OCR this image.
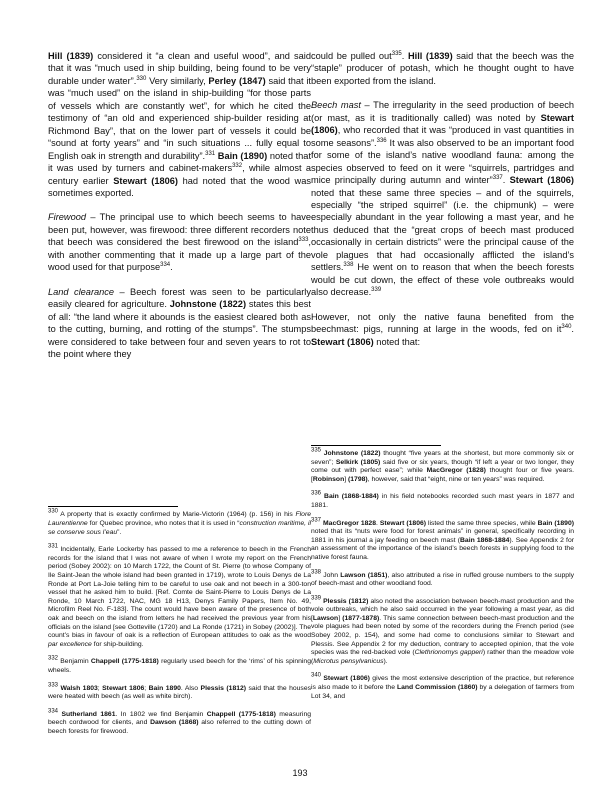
Hill (1839) considered it “a clean and useful wood”, and said that it was “much used in ship building, being found to be very durable under water”.$^{330}$ Very similarly, Perley (1847) said that it was “much used” on the island in ship-building “for those parts of vessels which are constantly wet”, for which he cited the testimony of “an old and experienced ship-builder residing at Richmond Bay”, that on the lower part of vessels it could be “sound at forty years” and “in such situations ... fully equal to English oak in strength and durability”.$^{331}$ Bain (1890) noted that it was used by turners and cabinet-makers$^{332}$, while almost a century earlier Stewart (1806) had noted that the wood was sometimes exported.

Firewood – The principal use to which beech seems to have been put, however, was firewood: three different recorders note that beech was considered the best firewood on the island$^{333}$, with another commenting that it made up a large part of the wood used for that purpose$^{334}$.

Land clearance – Beech forest was seen to be particularly easily cleared for agriculture. Johnstone (1822) states this best of all: “the land where it abounds is the easiest cleared both as to the cutting, burning, and rotting of the stumps”. The stumps were considered to take between four and seven years to rot to the point where they

$^{330}$ A property that is exactly confirmed by Marie-Victorin (1964) (p. 156) in his Flore Laurentienne for Quebec province, who notes that it is used in “construction maritime, il se conserve sous l’eau”.

$^{331}$ Incidentally, Earle Lockerby has passed to me a reference to beech in the French records for the island that I was not aware of when I wrote my report on the French period (Sobey 2002): on 10 March 1722, the Count of St. Pierre (to whose Company of Ile Saint-Jean the whole island had been granted in 1719), wrote to Louis Denys de La Ronde at Port La-Joie telling him to be careful to use oak and not beech in a 300-ton vessel that he asked him to build. [Ref. Comte de Saint-Pierre to Louis Denys de La Ronde, 10 March 1722, NAC, MG 18 H13, Denys Family Papers, Item No. 49, Microfilm Reel No. F-183]. The count would have been aware of the presence of both oak and beech on the island from letters he had received the previous year from his officials on the island [see Gotteville (1720) and La Ronde (1721) in Sobey (2002)]. The count’s bias in favour of oak is a reflection of European attitudes to oak as the wood par excellence for ship-building.

$^{332}$ Benjamin Chappell (1775-1818) regularly used beech for the ‘rims’ of his spinning wheels.

$^{333}$ Walsh 1803; Stewart 1806; Bain 1890. Also Plessis (1812) said that the houses were heated with beech (as well as white birch).

$^{334}$ Sutherland 1861. In 1802 we find Benjamin Chappell (1775-1818) measuring beech cordwood for clients, and Dawson (1868) also referred to the cutting down of beech forests for firewood.

could be pulled out$^{335}$. Hill (1839) said that the beech was the “staple” producer of potash, which he thought ought to have been exported from the island.

Beech mast – The irregularity in the seed production of beech (or mast, as it is traditionally called) was noted by Stewart (1806), who recorded that it was “produced in vast quantities in some seasons”.$^{336}$ It was also observed to be an important food for some of the island’s native woodland fauna: among the species observed to feed on it were “squirrels, partridges and mice principally during autumn and winter”$^{337}$. Stewart (1806) noted that these same three species – and of the squirrels, especially “the striped squirrel” (i.e. the chipmunk) – were especially abundant in the year following a mast year, and he thus deduced that the “great crops of beech mast produced occasionally in certain districts” were the principal cause of the vole plagues that had occasionally afflicted the island’s settlers.$^{338}$ He went on to reason that when the beech forests would be cut down, the effect of these vole outbreaks would also decrease.$^{339}$

However, not only the native fauna benefited from the beechmast: pigs, running at large in the woods, fed on $it^{340}$. Stewart (1806) noted that:

$^{335}$ Johnstone (1822) thought “five years at the shortest, but more commonly six or seven”; Selkirk (1805) said five or six years, though “if left a year or two longer, they come out with perfect ease”; while MacGregor (1828) thought four or five years. [Robinson] (1798), however, said that “eight, nine or ten years” was required.

$^{336}$ Bain (1868-1884) in his field notebooks recorded such mast years in 1877 and 1881.

$^{337}$ MacGregor 1828. Stewart (1806) listed the same three species, while Bain (1890) noted that its “nuts were food for forest animals” in general, specifically recording in 1881 in his journal a jay feeding on beech mast (Bain 1868-1884). See Appendix 2 for an assessment of the importance of the island’s beech forests in supplying food to the native forest fauna.

$^{338}$ John Lawson (1851), also attributed a rise in ruffed grouse numbers to the supply of beech-mast and other woodland food.

$^{339}$ Plessis (1812) also noted the association between beech-mast production and the vole outbreaks, which he also said occurred in the year following a mast year, as did [Lawson] (1877-1878). This same connection between beech-mast production and the vole plagues had been noted by some of the recorders during the French period (see Sobey 2002, p. 154), and some had come to conclusions similar to Stewart and Plessis. See Appendix 2 for my deduction, contrary to accepted opinion, that the vole species was the red-backed vole (Clethrionomys gapperi) rather than the meadow vole (Microtus pensylvanicus).

$^{340}$ Stewart (1806) gives the most extensive description of the practice, but reference is also made to it before the Land Commission (1860) by a delegation of farmers from Lot 34, and

193
